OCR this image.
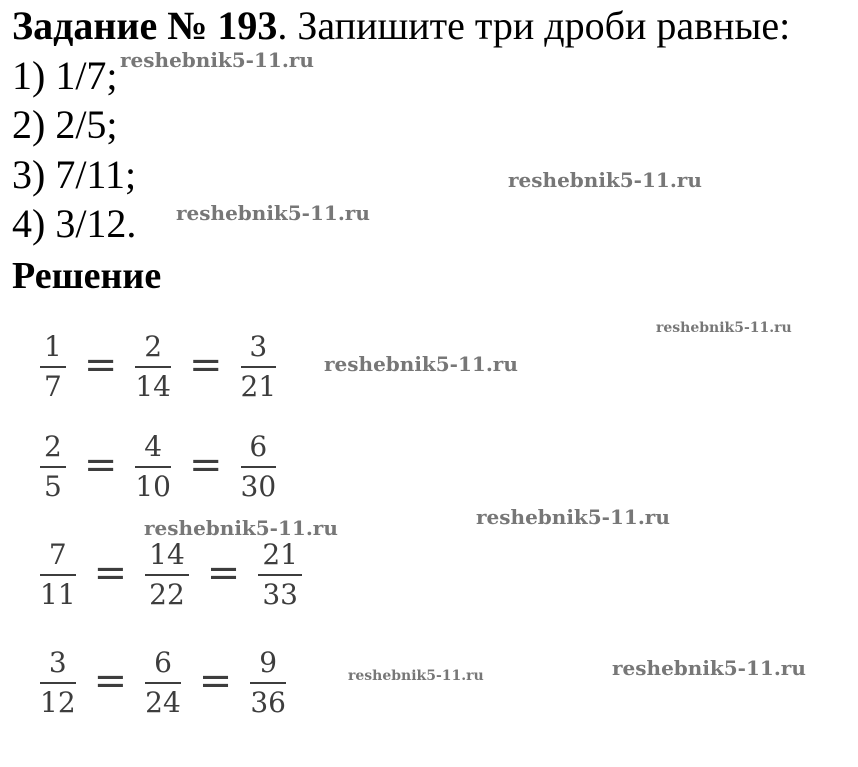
Задание № 193. Запишите три дроби равные:
1) 1/7;
2) 2/5;
3) 7/11;
4) 3/12.
Решение
$\frac{1}{7} = \frac{2}{14} = \frac{3}{21}$
$\frac{2}{5} = \frac{4}{10} = \frac{6}{30}$
$\frac{7}{11} = \frac{14}{22} = \frac{21}{33}$
$\frac{3}{12} = \frac{6}{24} = \frac{9}{36}$
reshebnik5-11.ru
reshebnik5-11.ru
reshebnik5-11.ru
reshebnik5-11.ru
reshebnik5-11.ru
reshebnik5-11.ru
reshebnik5-11.ru
reshebnik5-11.ru
reshebnik5-11.ru
